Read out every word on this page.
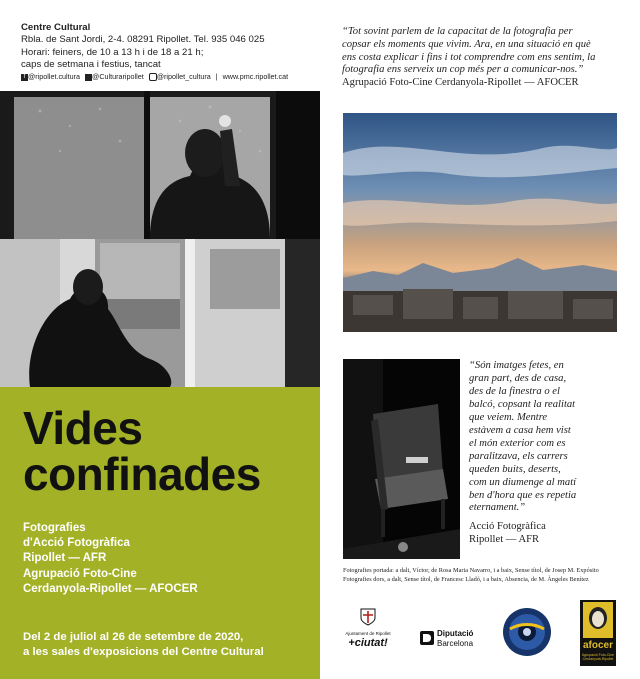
Centre Cultural
Rbla. de Sant Jordi, 2-4. 08291 Ripollet. Tel. 935 046 025
Horari: feiners, de 10 a 13 h i de 18 a 21 h;
caps de setmana i festius, tancat
f @ripollet.cultura @Culturaripollet @ripollet_cultura | www.pmc.ripollet.cat
Vides
confinades
Fotografies
d'Acció Fotogràfica
Ripollet — AFR
Agrupació Foto-Cine
Cerdanyola-Ripollet — AFOCER
Del 2 de juliol al 26 de setembre de 2020,
a les sales d'exposicions del Centre Cultural
“Tot sovint parlem de la capacitat de la fotografia per
copsar els moments que vivim. Ara, en una situació en què
ens costa explicar i fins i tot comprendre com ens sentim, la
fotografia ens serveix un cop més per a comunicar-nos.”
Agrupació Foto-Cine Cerdanyola-Ripollet — AFOCER
“Són imatges fetes, en
gran part, des de casa,
des de la finestra o el
balcó, copsant la realitat
que veiem. Mentre
estàvem a casa hem vist
el món exterior com es
paralitzava, els carrers
queden buits, deserts,
com un diumenge al matí
ben d'hora que es repetia
eternament.”
Acció Fotogràfica
Ripollet — AFR
Fotografies portada: a dalt, Víctor, de Rosa Maria Navarro, i a baix, Sense títol, de Josep M. Expósito
Fotografies dors, a dalt, Sense títol, de Francesc Lladó, i a baix, Absencia, de M. Àngeles Benítez
Ajuntament de Ripollet
+ciutat!
Diputació
Barcelona	afocer
Agrupació Foto-Cine Cerdanyola-Ripollet
